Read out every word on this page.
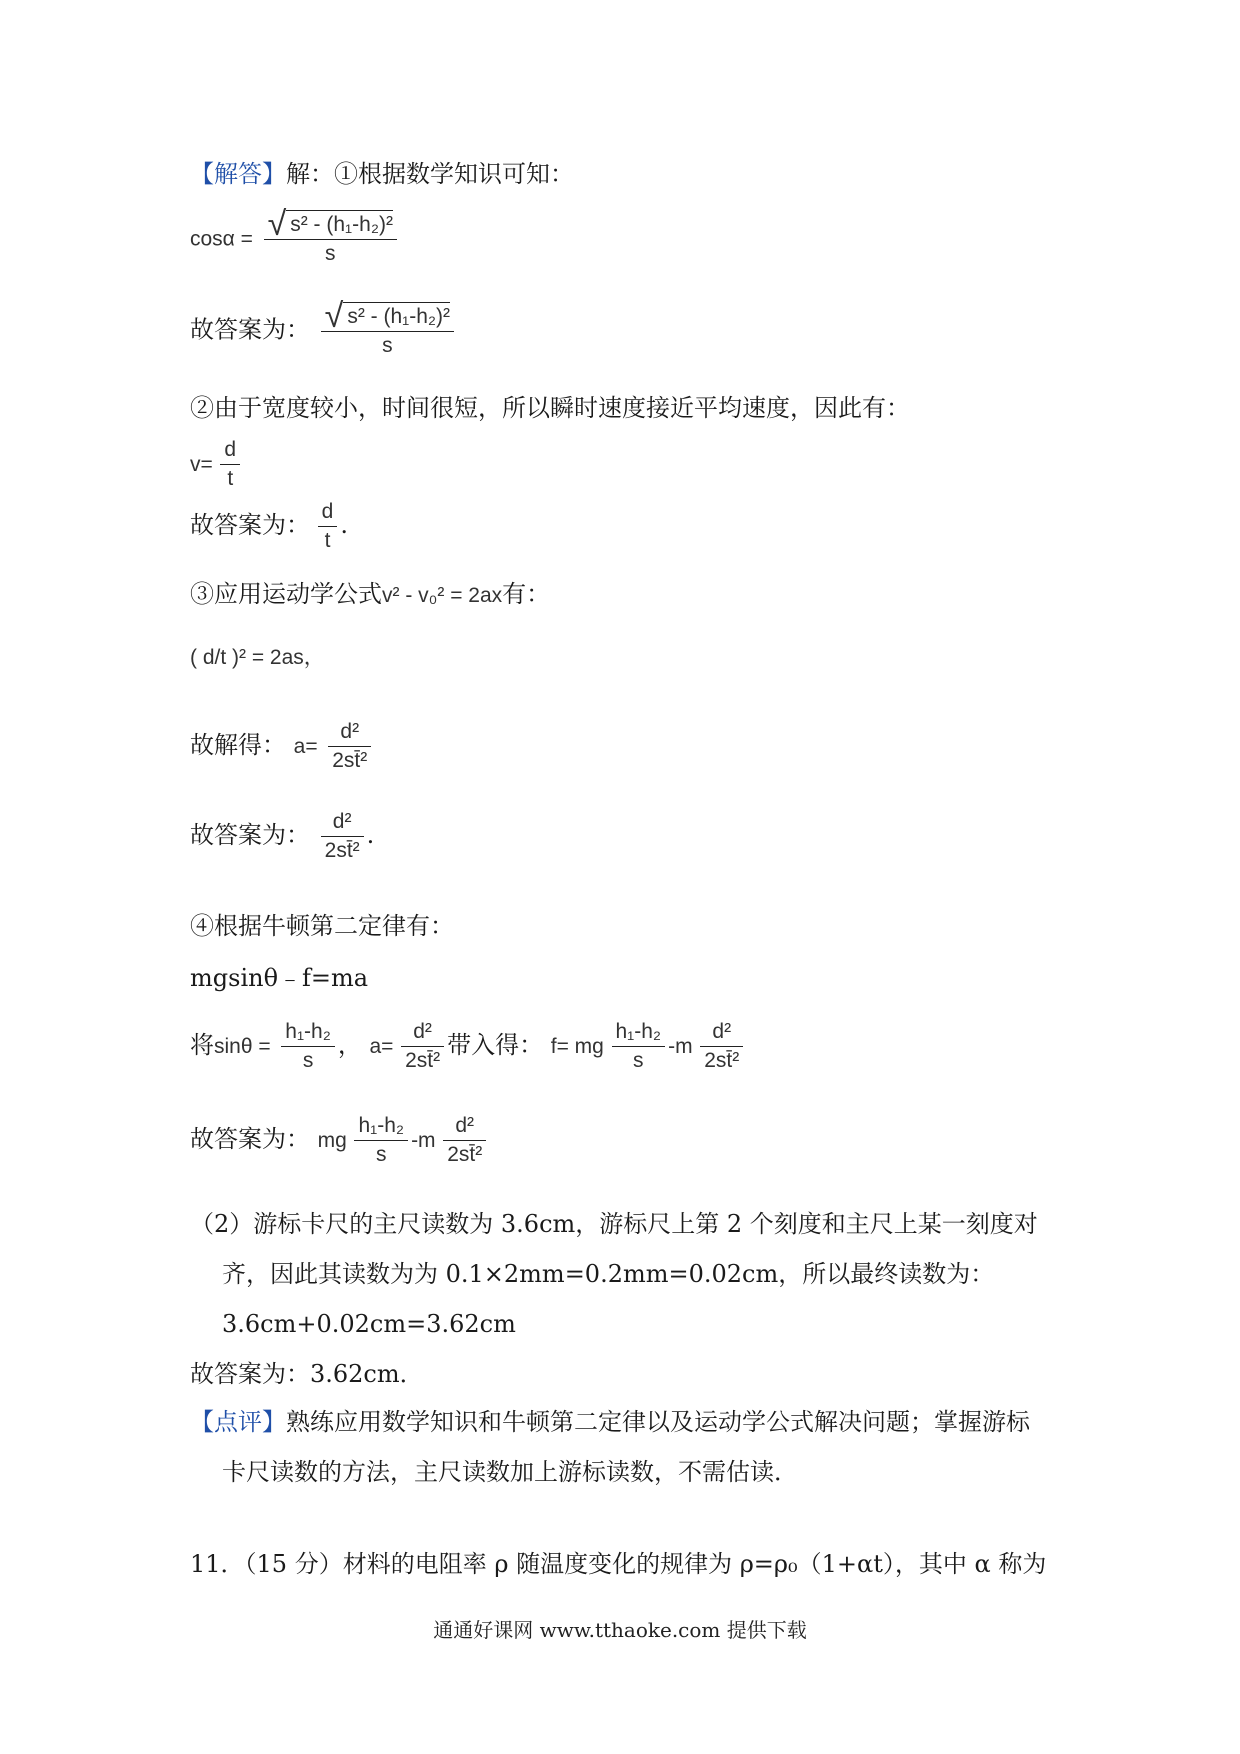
【解答】解：①根据数学知识可知：
$\cos\alpha = \frac{\text{√ s² - (h₁-h₂)²}}{s}$
故答案为： $\frac{\text{√ s² - (h₁-h₂)²}}{s}$
②由于宽度较小，时间很短，所以瞬时速度接近平均速度，因此有：
$v= \frac{d}{t}$
故答案为： $\frac{d}{t}$ .
③应用运动学公式v² - v₀² = 2ax有：
( d/t )² = 2as，
故解得： $a= \frac{\text{d²}}{\text{2st̄²}}$
故答案为： $\frac{\text{d²}}{\text{2st̄²}}$ .
④根据牛顿第二定律有：
mgsinθ﹣f=ma
将$\sin\theta = \frac{\text{h₁-h₂}}{s}$ ， $a= \frac{\text{d²}}{\text{2st̄²}}$ 带入得： f= mg $\frac{\text{h₁-h₂}}{s} -m \frac{\text{d²}}{\text{2st̄²}}$
故答案为： mg $\frac{\text{h₁-h₂}}{s} -m \frac{\text{d²}}{\text{2st̄²}}$
（2）游标卡尺的主尺读数为 3.6cm，游标尺上第 2 个刻度和主尺上某一刻度对
齐，因此其读数为为 0.1×2mm=0.2mm=0.02cm，所以最终读数为：
3.6cm+0.02cm=3.62cm
故答案为：3.62cm．
【点评】熟练应用数学知识和牛顿第二定律以及运动学公式解决问题；掌握游标
卡尺读数的方法，主尺读数加上游标读数，不需估读．
11．（15 分）材料的电阻率 ρ 随温度变化的规律为 ρ=ρ₀（1+αt），其中 α 称为
通通好课网 www.tthaoke.com 提供下载
